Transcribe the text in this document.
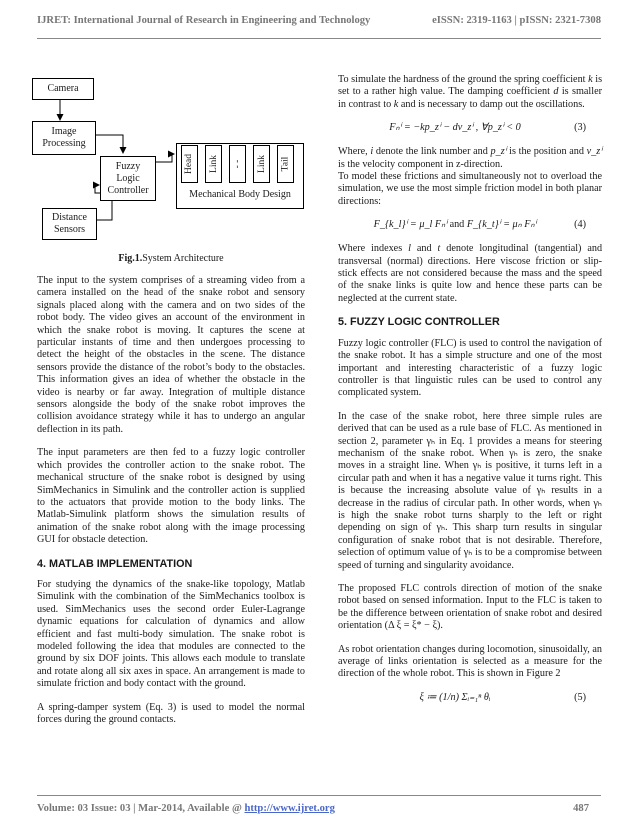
IJRET: International Journal of Research in Engineering and Technology	eISSN: 2319-1163 | pISSN: 2321-7308
Camera
Image
Processing
Fuzzy
Logic
Controller
Distance
Sensors
Head Link - - Link Tail
Mechanical Body Design
Fig.1.System Architecture

The input to the system comprises of a streaming video from a camera installed on the head of the snake robot and sensory signals placed along with the camera and on two sides of the robot body. The video gives an account of the environment in which the snake robot is moving. It captures the scene at particular instants of time and then undergoes processing to detect the height of the obstacles in the scene. The distance sensors provide the distance of the robot’s body to the obstacles. This information gives an idea of whether the obstacle in the video is nearby or far away. Integration of multiple distance sensors alongside the body of the snake robot improves the collision avoidance strategy while it has to undergo an angular deflection in its path.

The input parameters are then fed to a fuzzy logic controller which provides the controller action to the snake robot. The mechanical structure of the snake robot is designed by using SimMechanics in Simulink and the controller action is supplied to the actuators that provide motion to the body links. The Matlab-Simulink platform shows the simulation results of animation of the snake robot along with the image processing GUI for obstacle detection.

4. MATLAB IMPLEMENTATION

For studying the dynamics of the snake-like topology, Matlab Simulink with the combination of the SimMechanics toolbox is used. SimMechanics uses the second order Euler-Lagrange dynamic equations for calculation of dynamics and allow efficient and fast multi-body simulation. The snake robot is modeled following the idea that modules are connected to the ground by six DOF joints. This allows each module to translate and rotate along all six axes in space. An arrangement is made to simulate friction and body contact with the ground.

A spring-damper system (Eq. 3) is used to model the normal forces during the ground contacts.

To simulate the hardness of the ground the spring coefficient k is set to a rather high value. The damping coefficient d is smaller in contrast to k and is necessary to damp out the oscillations.

Fₙⁱ = −kp_zⁱ − dv_zⁱ , ∀p_zⁱ < 0	(3)

Where, i denote the link number and p_zⁱ is the position and v_zⁱ is the velocity component in z-direction.

To model these frictions and simultaneously not to overload the simulation, we use the most simple friction model in both planar directions:

F_{k_l}ⁱ = μ_l Fₙⁱ and F_{k_t}ⁱ = μₙ Fₙⁱ	(4)

Where indexes l and t denote longitudinal (tangential) and transversal (normal) directions. Here viscose friction or slip-stick effects are not considered because the mass and the speed of the snake links is quite low and hence these parts can be neglected at the current state.

5. FUZZY LOGIC CONTROLLER

Fuzzy logic controller (FLC) is used to control the navigation of the snake robot. It has a simple structure and one of the most important and interesting characteristic of a fuzzy logic controller is that linguistic rules can be used to control any complicated system.

In the case of the snake robot, here three simple rules are derived that can be used as a rule base of FLC. As mentioned in section 2, parameter γₕ in Eq. 1 provides a means for steering mechanism of the snake robot. When γₕ is zero, the snake moves in a straight line. When γₕ is positive, it turns left in a circular path and when it has a negative value it turns right. This is because the increasing absolute value of γₕ results in a decrease in the radius of circular path. In other words, when γₕ is high the snake robot turns sharply to the left or right depending on sign of γₕ. This sharp turn results in singular configuration of snake robot that is not desirable. Therefore, selection of optimum value of γₕ is to be a compromise between speed of turning and singularity avoidance.

The proposed FLC controls direction of motion of the snake robot based on sensed information. Input to the FLC is taken to be the difference between orientation of snake robot and desired orientation (Δ ξ = ξ* − ξ).

As robot orientation changes during locomotion, sinusoidally, an average of links orientation is selected as a measure for the direction of the whole robot. This is shown in Figure 2

ξ ≔ (1/n) Σᵢ₌₁ⁿ θᵢ	(5)
Volume: 03 Issue: 03 | Mar-2014, Available @ http://www.ijret.org	487
